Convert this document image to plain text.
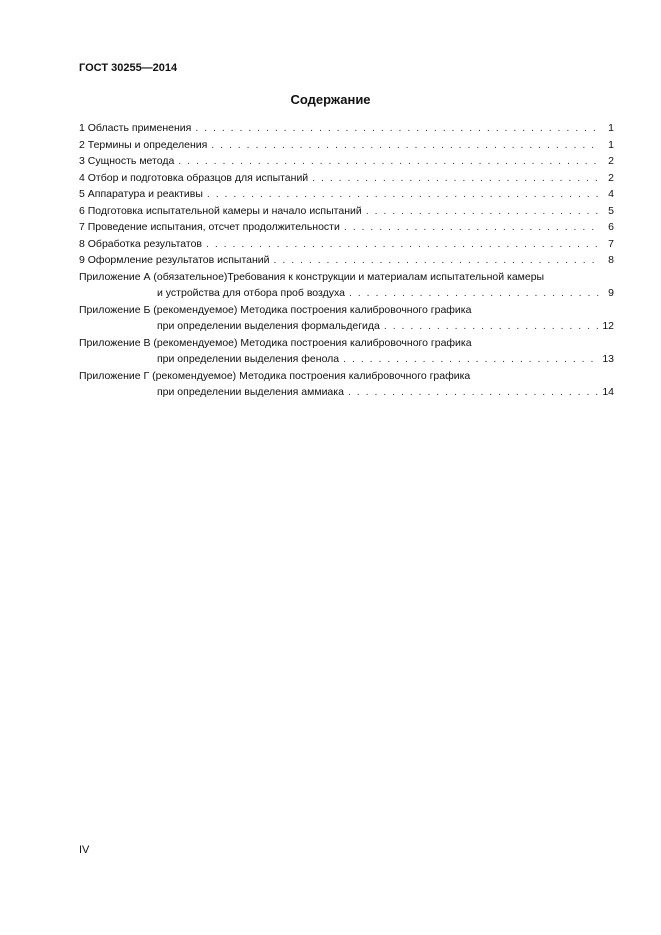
ГОСТ 30255—2014
Содержание
1 Область применения . . .	1
2 Термины и определения . . .	1
3 Сущность метода . . .	2
4 Отбор и подготовка образцов для испытаний . . .	2
5 Аппаратура и реактивы . . .	4
6 Подготовка испытательной камеры и начало испытаний . . .	5
7 Проведение испытания, отсчет продолжительности . . .	6
8 Обработка результатов . . .	7
9 Оформление результатов испытаний . . .	8
Приложение А (обязательное)Требования к конструкции и материалам испытательной камеры
и устройства для отбора проб воздуха . . .	9
Приложение Б (рекомендуемое) Методика построения калибровочного графика
при определении выделения формальдегида . . .	12
Приложение В (рекомендуемое) Методика построения калибровочного графика
при определении выделения фенола . . .	13
Приложение Г (рекомендуемое) Методика построения калибровочного графика
при определении выделения аммиака . . .	14
IV
